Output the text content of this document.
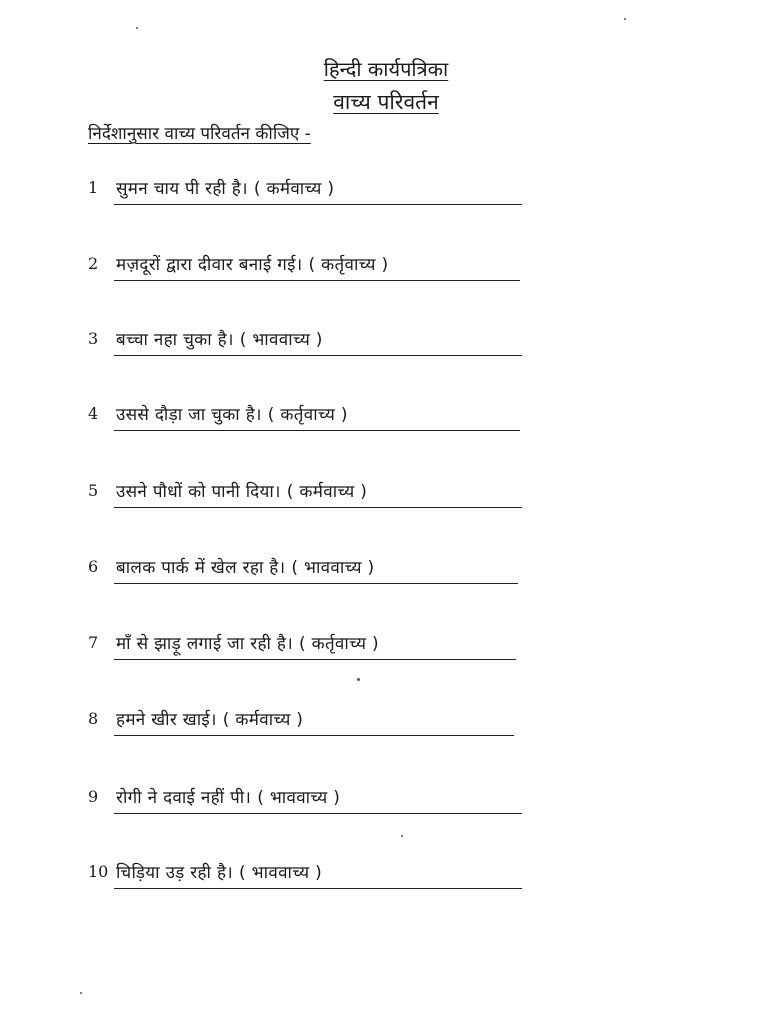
हिन्दी कार्यपत्रिका
वाच्य परिवर्तन
निर्देशानुसार वाच्य परिवर्तन कीजिए -
1	सुमन चाय पी रही है। ( कर्मवाच्य )
2	मज़दूरों द्वारा दीवार बनाई गई। ( कर्तृवाच्य )
3	बच्चा नहा चुका है। ( भाववाच्य )
4	उससे दौड़ा जा चुका है। ( कर्तृवाच्य )
5	उसने पौधों को पानी दिया। ( कर्मवाच्य )
6	बालक पार्क में खेल रहा है। ( भाववाच्य )
7	माँ से झाड़ू लगाई जा रही है। ( कर्तृवाच्य )
8	हमने खीर खाई। ( कर्मवाच्य )
9	रोगी ने दवाई नहीं पी। ( भाववाच्य )
10 चिड़िया उड़ रही है। ( भाववाच्य )
